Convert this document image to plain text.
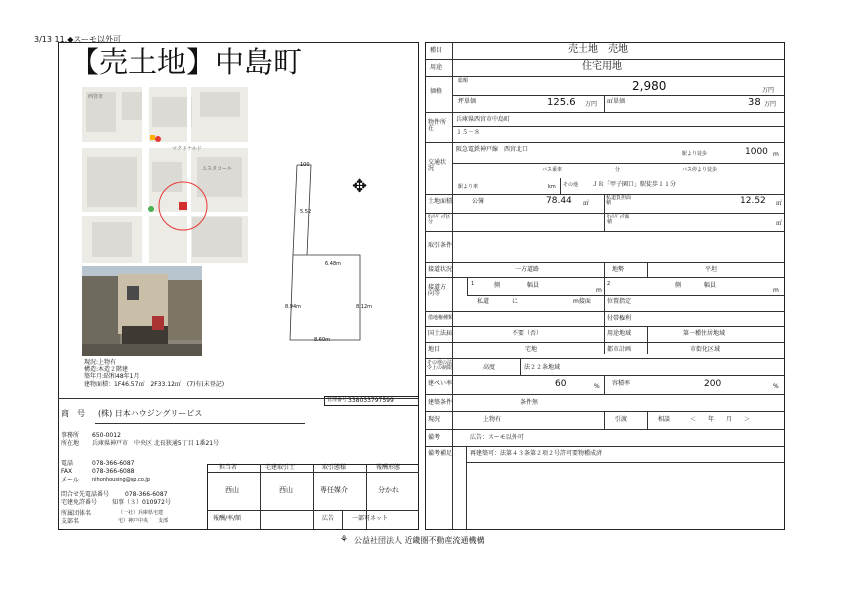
3/13 11.◆スーモ以外可
【売土地】中島町
西宮市
エスタコール
マクドナルド
✥
100
5.52
6.48m
8.94m	8.12m
8.60m
現況:上物有
構造:木造２階建
築年月:昭和48年1月
建物面積：1F46.57㎡　2F33.12㎡　(7)有(未登記)
管理番号 338033797599
商　号 (株) 日本ハウジングリービス
事務所 650-0012
所在地 兵庫県神戸市　中央区 北長狭通5丁目 1番21号
電話	078-366-6087
FAX	078-366-6088
メール	nihonhousing@sp.co.jp
問合せ先電話番号	078-366-6087
宅建免許番号 知事（３）010972号
所属団体名	（一社）兵庫県宅建
支部名	宅）神戸中央　　支部
担当者	宅建取引士	取引態様	報酬形態
西山	西山	専任媒介	分かれ
報酬/率/額	広告	一部可ネット
種目	売土地　売地
用途	住宅用地
価格
総額	2,980	万円
坪単価	125.6 万円 ㎡単価	38 万円
物件所在
兵庫県西宮市中島町
１５－８
交通状況
阪急電鉄神戸線　西宮北口
駅より徒歩	1000 m
バス乗車	分	バス停より徒歩
駅より車	km その他 ＪＲ「甲子園口」駅徒歩１１分
土地面積	公簿	78.44 ㎡
私道負担面積	12.52 ㎡
ｾｯﾄﾊﾞｯｸ区分
ｾｯﾄﾊﾞｯｸ面積	㎡
取引条件
接道状況	一方道路	地勢	平坦
接道方向等
1	側	幅員
m
2	側	幅員
m
私道	に	m接面	位置指定
借地権種類	付帯権利
国土法届	不要（否）	用途地域	第一種住居地域
地目	宅地	都市計画	市街化区域
その他の法令上の制限	高度	法２２条地域
建ぺい率	60	% 容積率	200	%
建築条件	条件無
現況	上物有	引渡	相談	＜　　年　　月　　＞
備考	広告：スーモ以外可
備考補足	再建築可：法第４３条第２項２号許可要物種成済
⚘ 公益社団法人 近畿圏不動産流通機構
